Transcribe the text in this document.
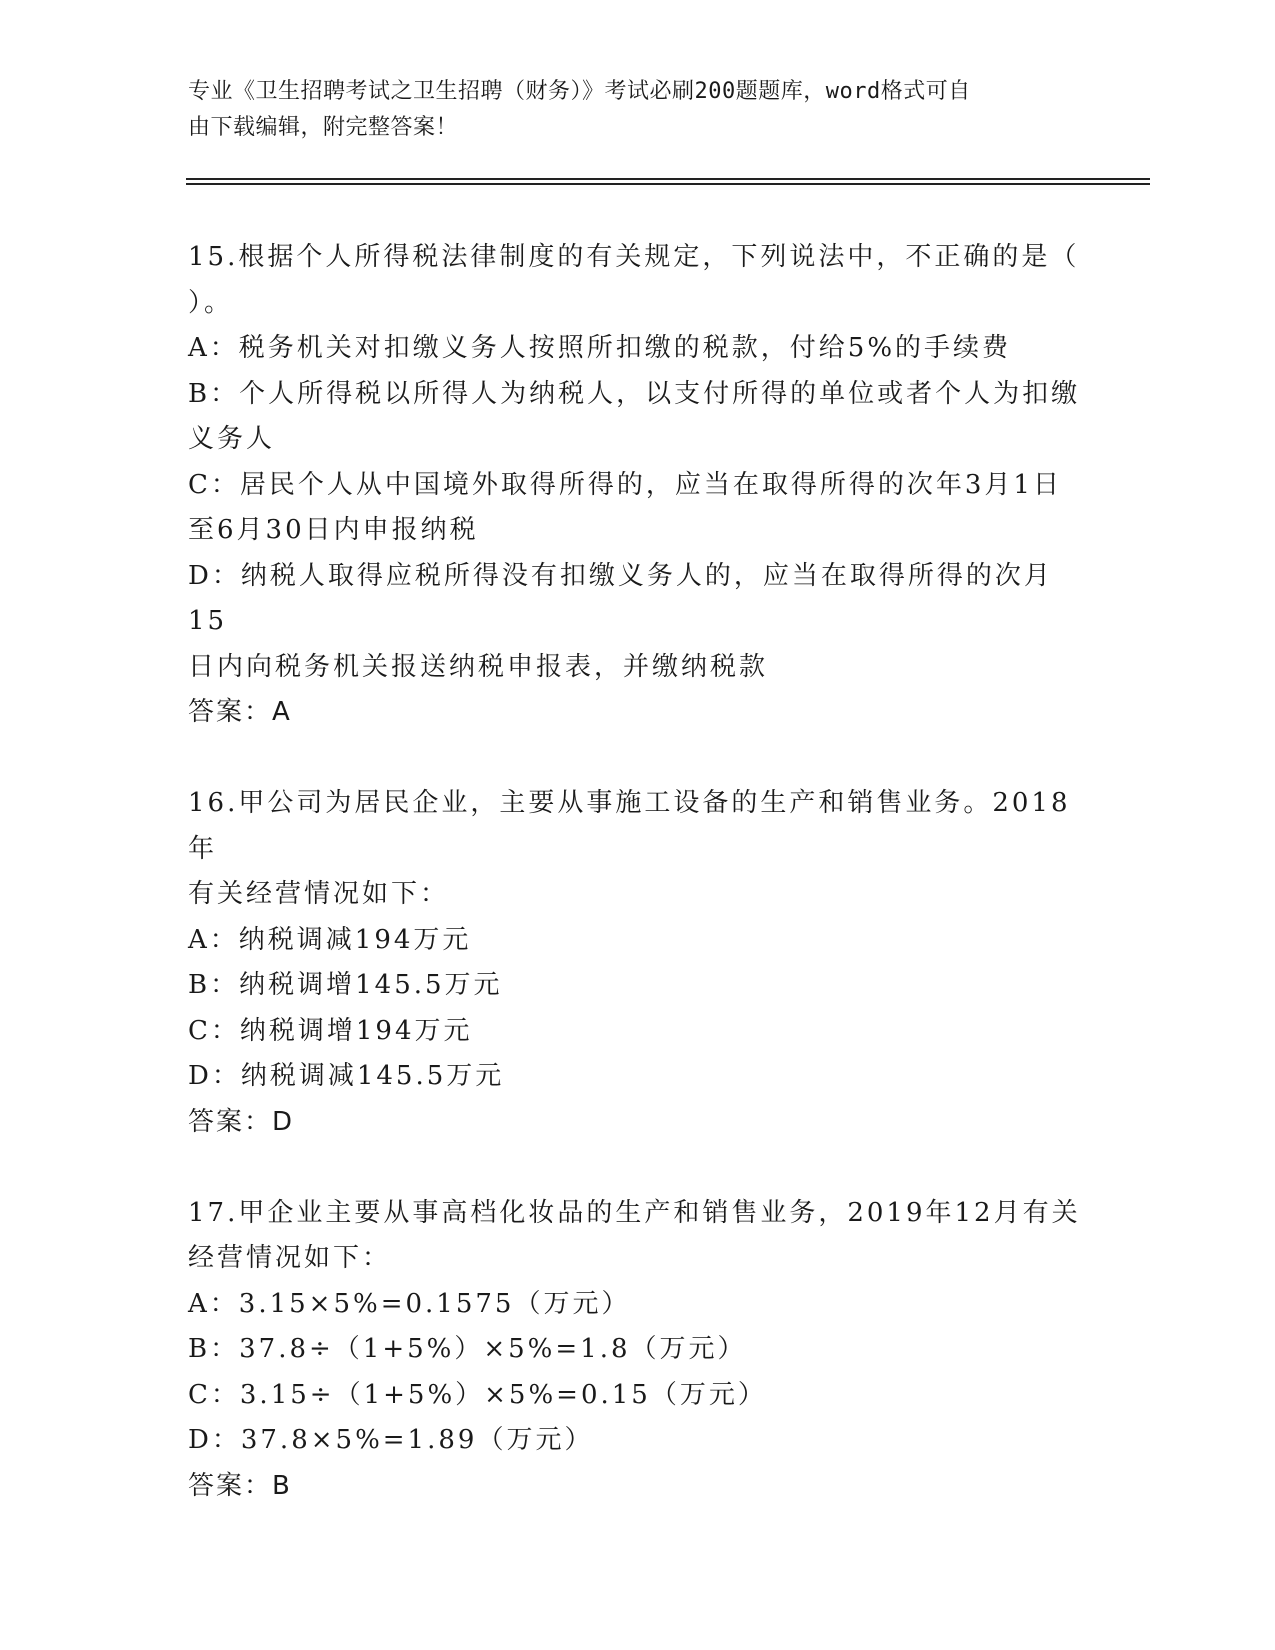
专业《卫生招聘考试之卫生招聘（财务）》考试必刷200题题库，word格式可自
由下载编辑，附完整答案！
15.根据个人所得税法律制度的有关规定，下列说法中，不正确的是（
）。
A：税务机关对扣缴义务人按照所扣缴的税款，付给5%的手续费
B：个人所得税以所得人为纳税人，以支付所得的单位或者个人为扣缴
义务人
C：居民个人从中国境外取得所得的，应当在取得所得的次年3月1日
至6月30日内申报纳税
D：纳税人取得应税所得没有扣缴义务人的，应当在取得所得的次月15
日内向税务机关报送纳税申报表，并缴纳税款
答案：A
16.甲公司为居民企业，主要从事施工设备的生产和销售业务。2018年
有关经营情况如下：
A：纳税调减194万元
B：纳税调增145.5万元
C：纳税调增194万元
D：纳税调减145.5万元
答案：D
17.甲企业主要从事高档化妆品的生产和销售业务，2019年12月有关
经营情况如下：
A：3.15×5%=0.1575（万元）
B：37.8÷（1+5%）×5%=1.8（万元）
C：3.15÷（1+5%）×5%=0.15（万元）
D：37.8×5%=1.89（万元）
答案：B
